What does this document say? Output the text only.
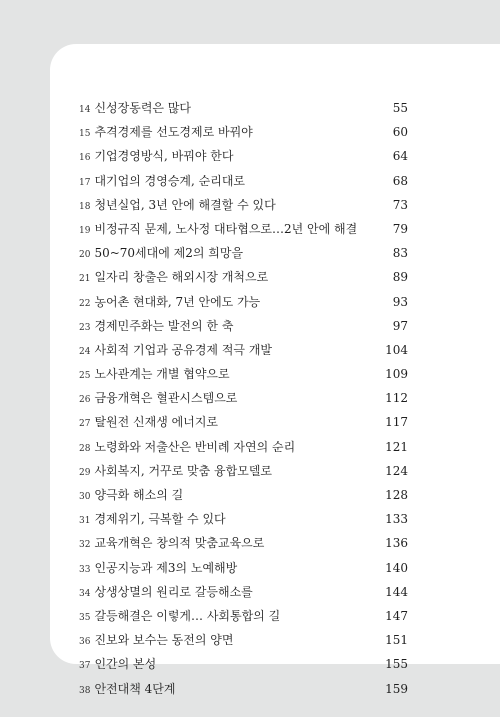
14 신성장동력은 많다	55
15 추격경제를 선도경제로 바꿔야	60
16 기업경영방식, 바꿔야 한다	64
17 대기업의 경영승계, 순리대로	68
18 청년실업, 3년 안에 해결할 수 있다	73
19 비정규직 문제, 노사정 대타협으로…2년 안에 해결	79
20 50~70세대에 제2의 희망을	83
21 일자리 창출은 해외시장 개척으로	89
22 농어촌 현대화, 7년 안에도 가능	93
23 경제민주화는 발전의 한 축	97
24 사회적 기업과 공유경제 적극 개발	104
25 노사관계는 개별 협약으로	109
26 금융개혁은 혈관시스템으로	112
27 탈원전 신재생 에너지로	117
28 노령화와 저출산은 반비례 자연의 순리	121
29 사회복지, 거꾸로 맞춤 융합모델로	124
30 양극화 해소의 길	128
31 경제위기, 극복할 수 있다	133
32 교육개혁은 창의적 맞춤교육으로	136
33 인공지능과 제3의 노예해방	140
34 상생상멸의 원리로 갈등해소를	144
35 갈등해결은 이렇게… 사회통합의 길	147
36 진보와 보수는 동전의 양면	151
37 인간의 본성	155
38 안전대책 4단계	159
